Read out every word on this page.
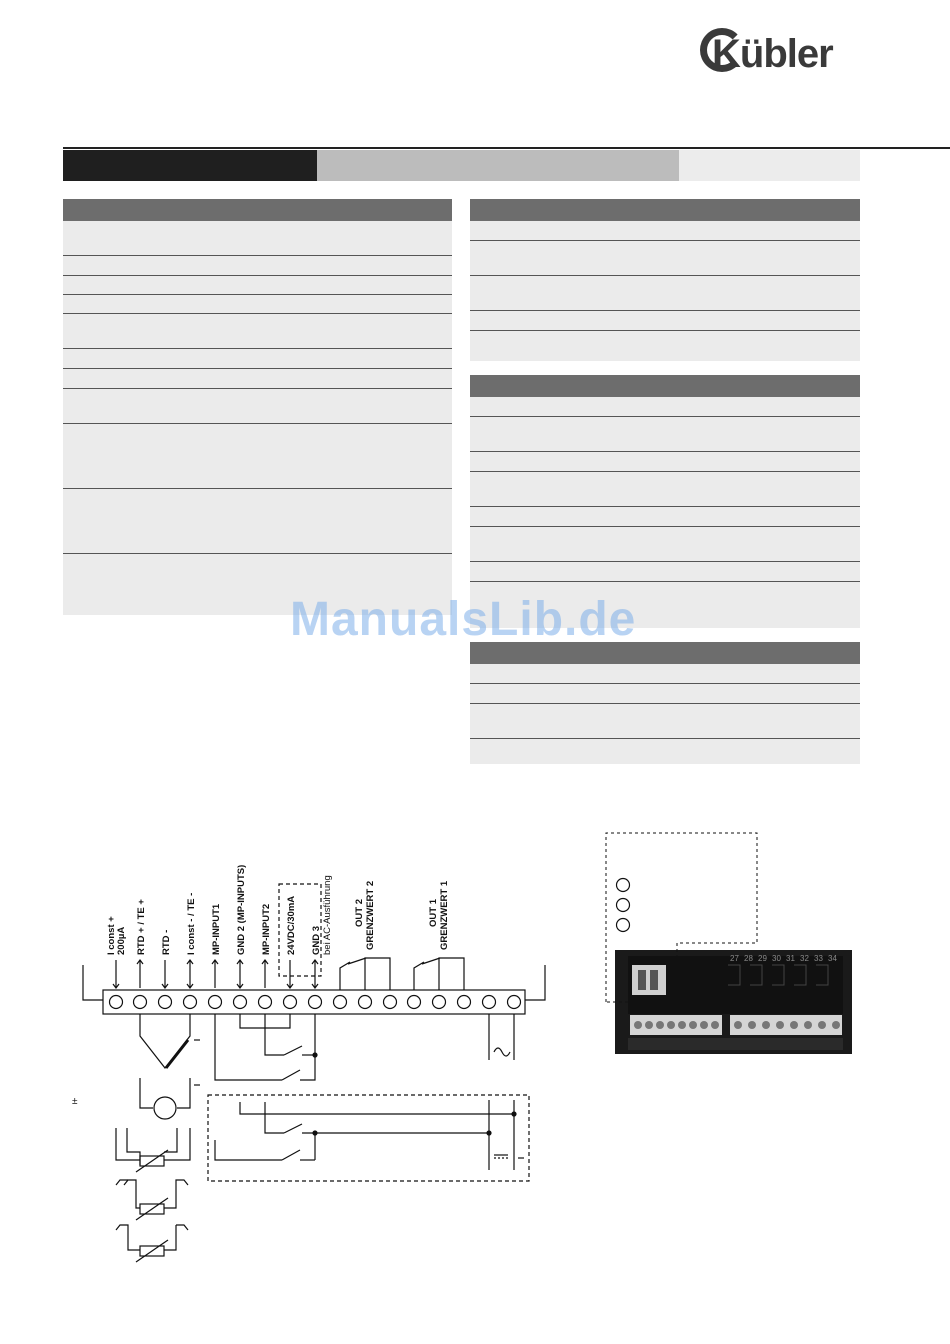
Kübler
ManualsLib.de
I const + 200µA RTD + / TE + RTD - I const - / TE - MP-INPUT1 GND 2 (MP-INPUTS) MP-INPUT2 24VDC/30mA GND 3 bei AC-Ausführung OUT 2 GRENZWERT 2	OUT 1 GRENZWERT 1
±
27 28 29 30 31 32 33 34
